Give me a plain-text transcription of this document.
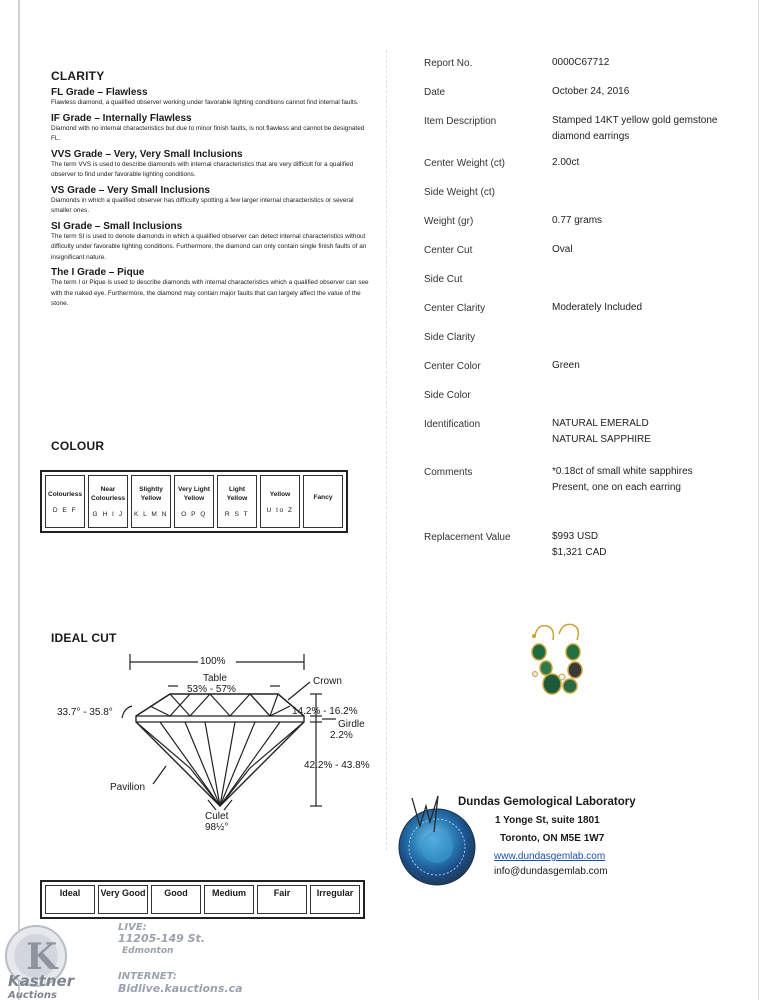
CLARITY
FL Grade – Flawless
Flawless diamond, a qualified observer working under favorable lighting conditions cannot find internal faults.
IF Grade – Internally Flawless
Diamond with no internal characteristics but due to minor finish faults, is not flawless and cannot be designated FL.
VVS Grade – Very, Very Small Inclusions
The term VVS is used to describe diamonds with internal characteristics that are very difficult for a qualified observer to find under favorable lighting conditions.
VS Grade – Very Small Inclusions
Diamonds in which a qualified observer has difficulty spotting a few larger internal characteristics or several smaller ones.
SI Grade – Small Inclusions
The term SI is used to denote diamonds in which a qualified observer can detect internal characteristics without difficulty under favorable lighting conditions. Furthermore, the diamond can only contain single finish faults of an insignificant nature.
The I Grade – Pique
The term I or Pique is used to describe diamonds with internal characteristics which a qualified observer can see with the naked eye. Furthermore, the diamond may contain major faults that can largely affect the value of the stone.
COLOUR
Colourless
D E F

Near Colourless
G H I J

Slightly Yellow
K L M N

Very Light Yellow
O P Q

Light Yellow
R S T

Yellow
U to Z

Fancy
IDEAL CUT
100%
Table
53% - 57%
Crown
33.7° - 35.8°	14.2% - 16.2%
Girdle
2.2%
42.2% - 43.8%
Pavilion
Culet
98½°
Ideal	Very Good	Good	Medium	Fair	Irregular
Report No.	0000C67712
Date	October 24, 2016
Item Description	Stamped 14KT yellow gold gemstone diamond earrings
Center Weight (ct)	2.00ct
Side Weight (ct)
Weight (gr)	0.77 grams
Center Cut	Oval
Side Cut
Center Clarity	Moderately Included
Side Clarity
Center Color	Green
Side Color
Identification	NATURAL EMERALD
NATURAL SAPPHIRE
Comments	*0.18ct of small white sapphires
Present, one on each earring
Replacement Value	$993 USD
$1,321 CAD
Dundas Gemological Laboratory
1 Yonge St, suite 1801
Toronto, ON M5E 1W7
www.dundasgemlab.com
info@dundasgemlab.com
K
Kastner
Auctions
LIVE:
11205-149 St.
Edmonton
INTERNET:
Bidlive.kauctions.ca
